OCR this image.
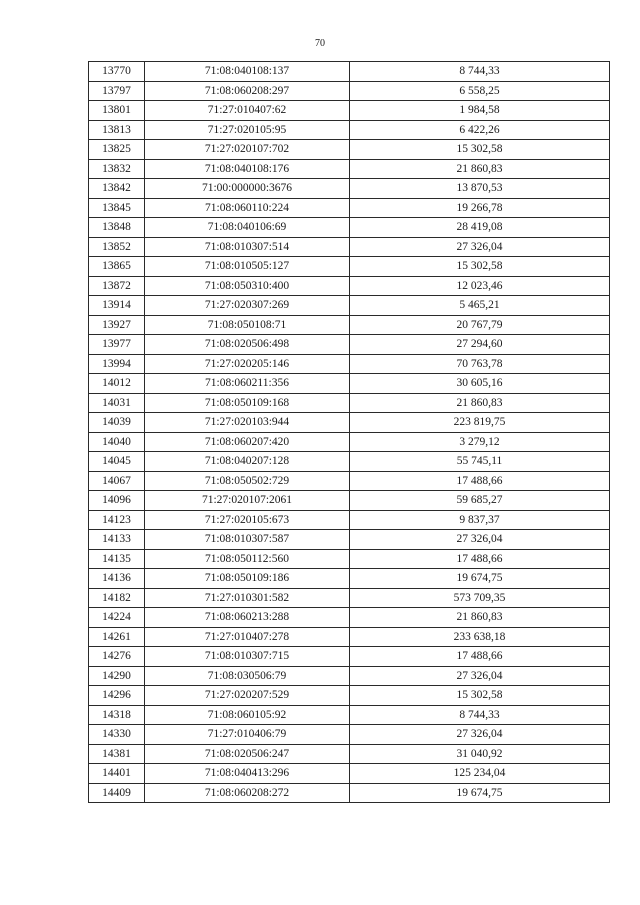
70
13770	71:08:040108:137	8 744,33
13797	71:08:060208:297	6 558,25
13801	71:27:010407:62	1 984,58
13813	71:27:020105:95	6 422,26
13825	71:27:020107:702	15 302,58
13832	71:08:040108:176	21 860,83
13842	71:00:000000:3676	13 870,53
13845	71:08:060110:224	19 266,78
13848	71:08:040106:69	28 419,08
13852	71:08:010307:514	27 326,04
13865	71:08:010505:127	15 302,58
13872	71:08:050310:400	12 023,46
13914	71:27:020307:269	5 465,21
13927	71:08:050108:71	20 767,79
13977	71:08:020506:498	27 294,60
13994	71:27:020205:146	70 763,78
14012	71:08:060211:356	30 605,16
14031	71:08:050109:168	21 860,83
14039	71:27:020103:944	223 819,75
14040	71:08:060207:420	3 279,12
14045	71:08:040207:128	55 745,11
14067	71:08:050502:729	17 488,66
14096	71:27:020107:2061	59 685,27
14123	71:27:020105:673	9 837,37
14133	71:08:010307:587	27 326,04
14135	71:08:050112:560	17 488,66
14136	71:08:050109:186	19 674,75
14182	71:27:010301:582	573 709,35
14224	71:08:060213:288	21 860,83
14261	71:27:010407:278	233 638,18
14276	71:08:010307:715	17 488,66
14290	71:08:030506:79	27 326,04
14296	71:27:020207:529	15 302,58
14318	71:08:060105:92	8 744,33
14330	71:27:010406:79	27 326,04
14381	71:08:020506:247	31 040,92
14401	71:08:040413:296	125 234,04
14409	71:08:060208:272	19 674,75
